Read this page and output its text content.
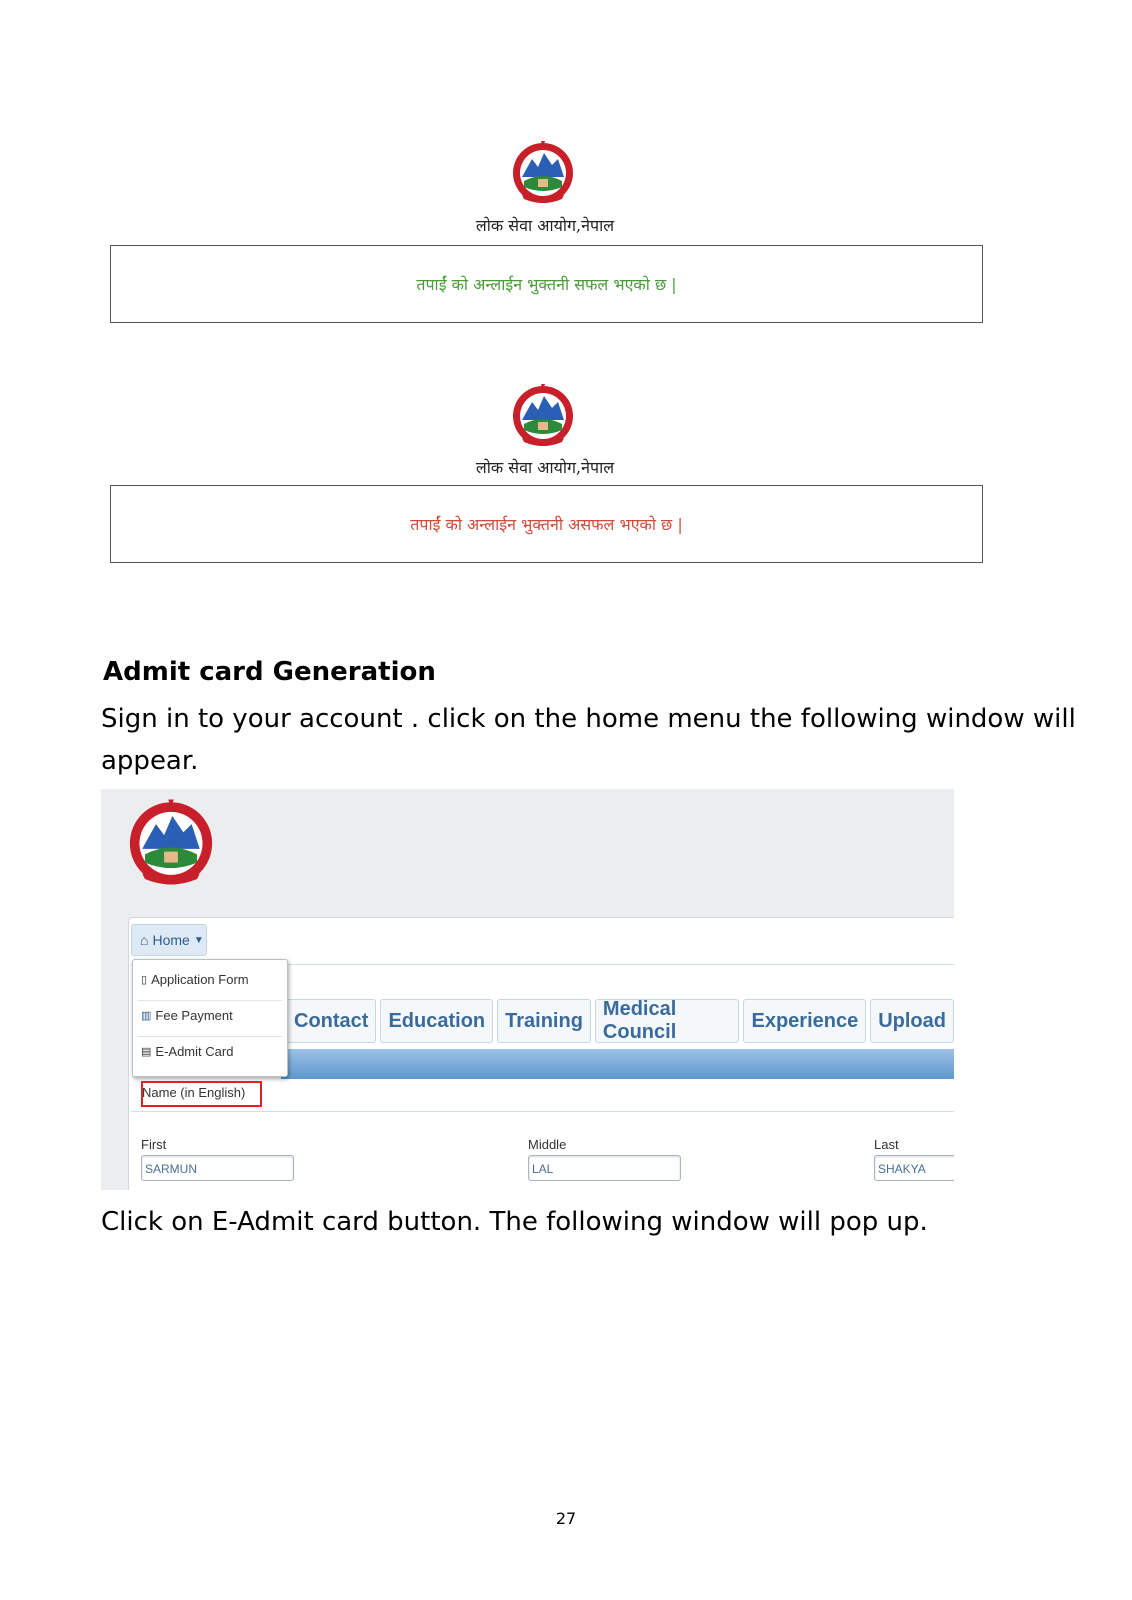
लोक सेवा आयोग,नेपाल
तपाईं को अन्लाईन भुक्तनी सफल भएको छ |
लोक सेवा आयोग,नेपाल
तपाईं को अन्लाईन भुक्तनी असफल भएको छ |
Admit card Generation
Sign in to your account . click on the home menu the following window will
appear.
⌂ Home ▼
Contact	Education	Training
Medical Council
Experience	Upload
▯ Application Form
▥ Fee Payment
▤ E-Admit Card
Name (in English)
First
SARMUN
Middle
LAL
Last
SHAKYA
Click on E-Admit card button. The following window will pop up.
27
